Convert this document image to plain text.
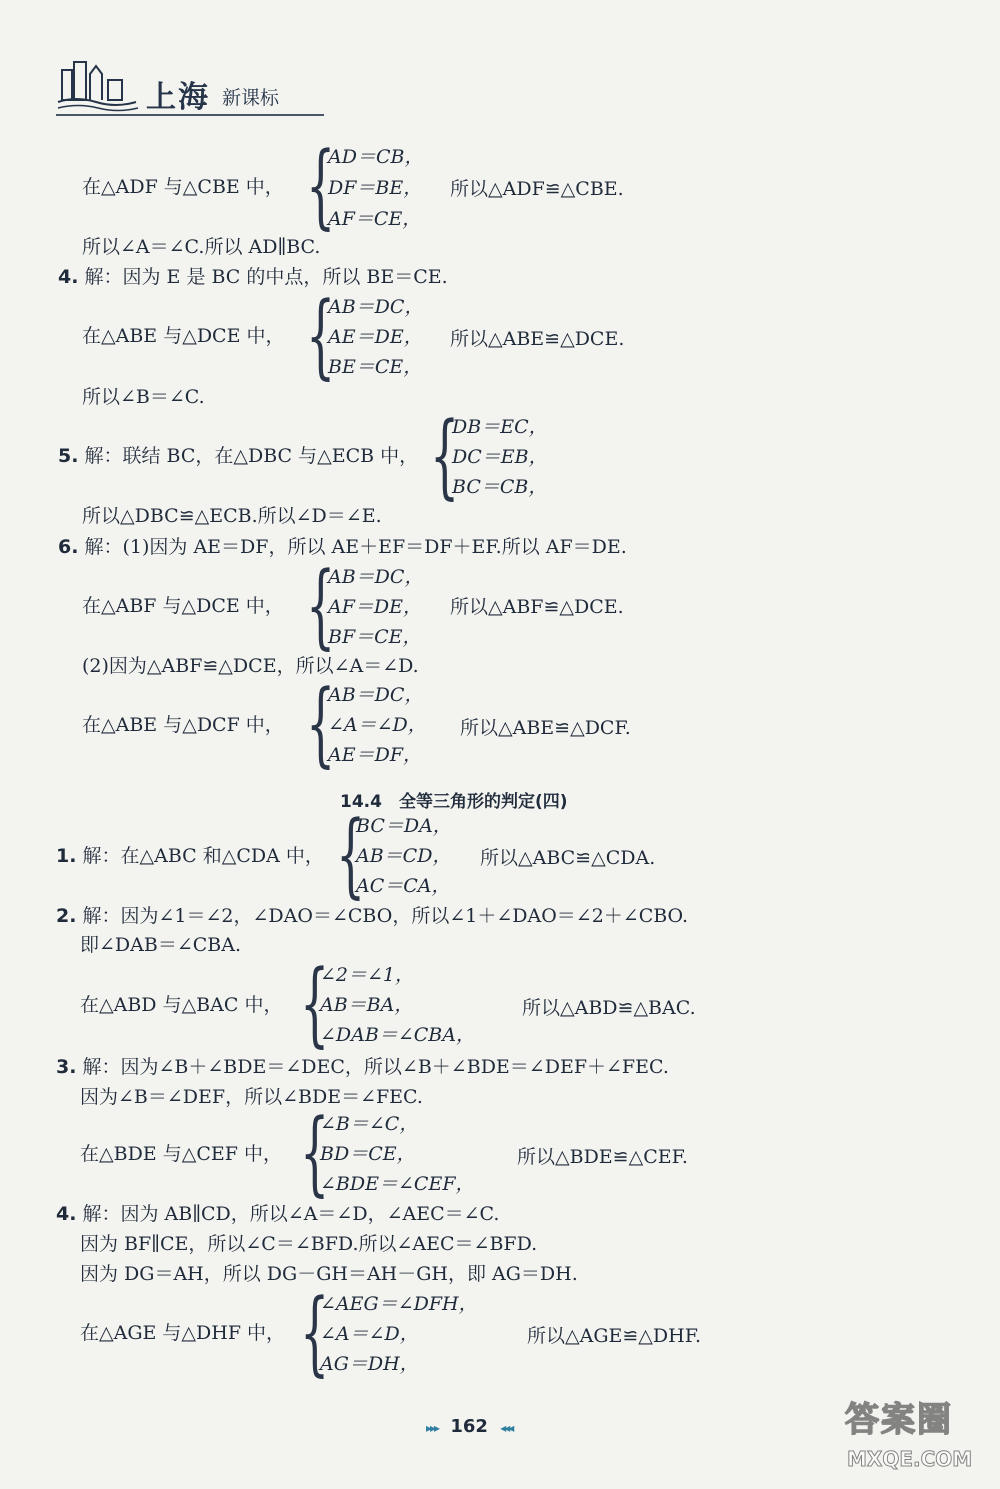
上海 新课标
在△ADF 与△CBE 中， {
AD＝CB，
DF＝BE，
AF＝CE，
所以△ADF≌△CBE.
所以∠A＝∠C.所以 AD∥BC.
4. 解：因为 E 是 BC 的中点，所以 BE＝CE.
在△ABE 与△DCE 中， {
AB＝DC，
AE＝DE，
BE＝CE，
所以△ABE≌△DCE.
所以∠B＝∠C.
5. 解：联结 BC，在△DBC 与△ECB 中， {
DB＝EC，
DC＝EB，
BC＝CB，
所以△DBC≌△ECB.所以∠D＝∠E.
6. 解：(1)因为 AE＝DF，所以 AE＋EF＝DF＋EF.所以 AF＝DE.
在△ABF 与△DCE 中， {
AB＝DC，
AF＝DE，
BF＝CE，
所以△ABF≌△DCE.
(2)因为△ABF≌△DCE，所以∠A＝∠D.
在△ABE 与△DCF 中， {
AB＝DC，
∠A＝∠D，
AE＝DF，
所以△ABE≌△DCF.
14.4　全等三角形的判定(四)
1. 解：在△ABC 和△CDA 中， {
BC＝DA，
AB＝CD，
AC＝CA，
所以△ABC≌△CDA.
2. 解：因为∠1＝∠2，∠DAO＝∠CBO，所以∠1＋∠DAO＝∠2＋∠CBO.
即∠DAB＝∠CBA.
在△ABD 与△BAC 中， {
∠2＝∠1，
AB＝BA，
∠DAB＝∠CBA，
所以△ABD≌△BAC.
3. 解：因为∠B＋∠BDE＝∠DEC，所以∠B＋∠BDE＝∠DEF＋∠FEC.
因为∠B＝∠DEF，所以∠BDE＝∠FEC.
在△BDE 与△CEF 中， {
∠B＝∠C，
BD＝CE，
∠BDE＝∠CEF，
所以△BDE≌△CEF.
4. 解：因为 AB∥CD，所以∠A＝∠D，∠AEC＝∠C.
因为 BF∥CE，所以∠C＝∠BFD.所以∠AEC＝∠BFD.
因为 DG＝AH，所以 DG－GH＝AH－GH，即 AG＝DH.
在△AGE 与△DHF 中， {
∠AEG＝∠DFH，
∠A＝∠D，
AG＝DH，
所以△AGE≌△DHF.
▸▸▸ 162 ◂◂◂	答案圈
MXQE.COM
